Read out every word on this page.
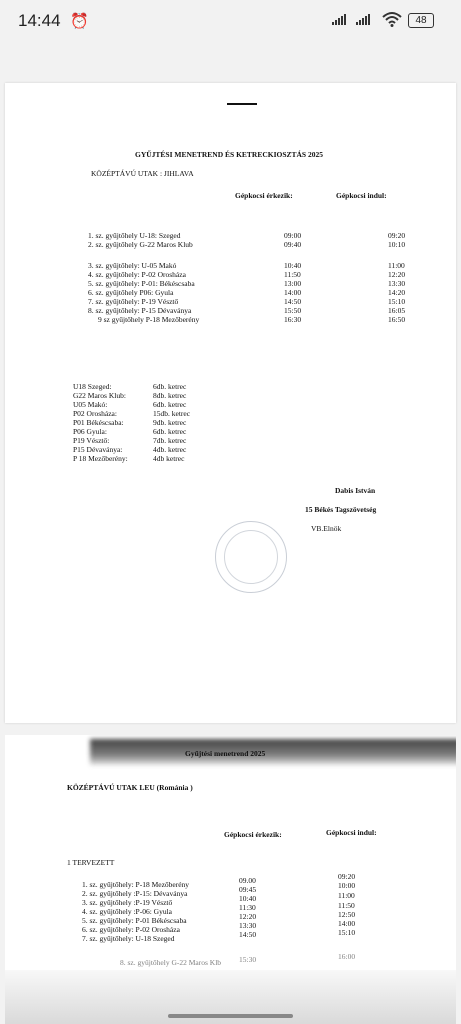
14:44 ⏰	48
GYŰJTÉSI MENETREND ÉS KETRECKIOSZTÁS 2025
KÖZÉPTÁVÚ UTAK : JIHLAVA
Gépkocsi érkezik:	Gépkocsi indul:
1. sz. gyűjtőhely U-18: Szeged	09:00	09:20
2. sz. gyűjtőhely G-22 Maros Klub	09:40	10:10
3. sz. gyűjtőhely: U-05 Makó	10:40	11:00
4. sz. gyűjtőhely: P-02 Orosháza	11:50	12:20
5. sz. gyűjtőhely: P-01: Békéscsaba	13:00	13:30
6. sz. gyűjtőhely P06: Gyula	14:00	14:20
7. sz. gyűjtőhely: P-19 Vésztő	14:50	15:10
8. sz. gyűjtőhely: P-15 Dévaványa	15:50	16:05
9 sz gyűjtőhely P-18 Mezőberény	16:30	16:50
U18 Szeged:	6db. ketrec
G22 Maros Klub:	8db. ketrec
U05 Makó:	6db. ketrec
P02 Orosháza:	15db. ketrec
P01 Békéscsaba:	9db. ketrec
P06 Gyula:	6db. ketrec
P19 Vésztő:	7db. ketrec
P15 Dévaványa:	4db. ketrec
P 18 Mezőberény:	4db ketrec
Dabis István
15 Békés Tagszövetség
VB.Elnök
Gyűjtési menetrend 2025
KÖZÉPTÁVÚ UTAK LEU (Románia )
Gépkocsi érkezik:	Gépkocsi indul:
1 TERVEZETT
1. sz. gyűjtőhely: P-18 Mezőberény	09.00	09:20
2. sz. gyűjtőhely :P-15: Dévaványa	09:45	10:00
3. sz. gyűjtőhely :P-19 Vésztő	10:40	11:00
4. sz. gyűjtőhely :P-06: Gyula	11:30	11:50
5. sz. gyűjtőhely: P-01 Békéscsaba	12:20	12:50
6. sz. gyűjtőhely: P-02 Orosháza	13:30	14:00
7. sz. gyűjtőhely: U-18 Szeged	14:50	15:10
8. sz. gyűjtőhely G-22 Maros Klb 15:30	16:00
